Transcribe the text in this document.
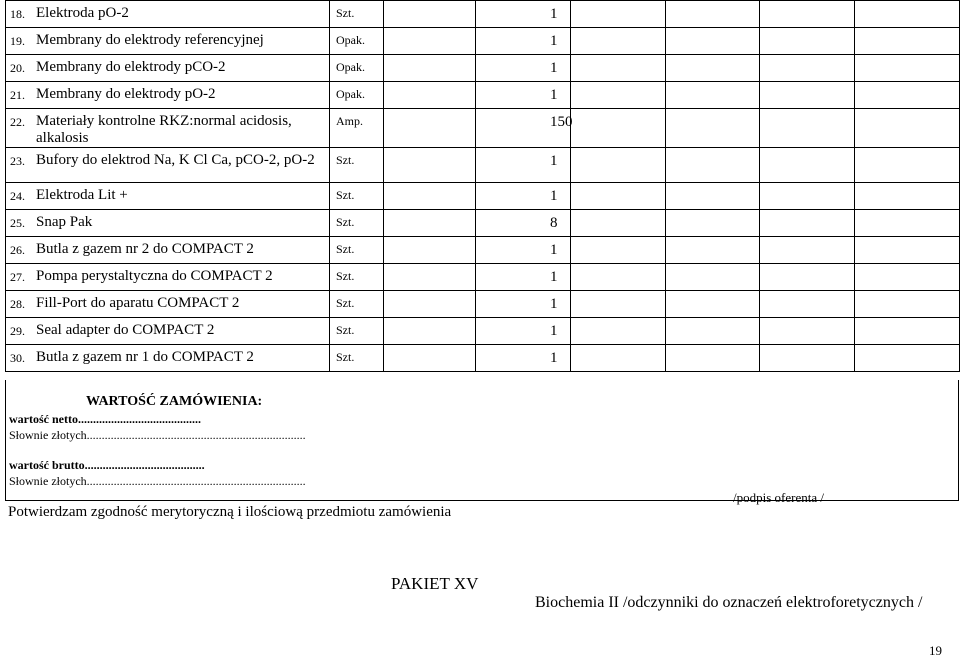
18. Elektroda pO-2	Szt.	1					

19. Membrany do elektrody referencyjnej	Opak.	1					

20. Membrany do elektrody pCO-2	Opak.	1					

21. Membrany do elektrody pO-2	Opak.	1					

22. Materiały kontrolne RKZ:normal acidosis, alkalosis	Amp.	150					

23. Bufory do elektrod Na, K Cl Ca, pCO-2, pO-2	Szt.	1					

24. Elektroda Lit +	Szt.	1					

25. Snap Pak	Szt.	8					

26. Butla z gazem nr 2 do COMPACT 2	Szt.	1					

27. Pompa perystaltyczna do COMPACT 2	Szt.	1					

28. Fill-Port do aparatu COMPACT 2	Szt.	1					

29. Seal adapter do COMPACT 2	Szt.	1					

30. Butla z gazem nr 1 do COMPACT 2	Szt.	1					

WARTOŚĆ ZAMÓWIENIA:
wartość netto.........................................
Słownie złotych.........................................................................
wartość brutto........................................
Słownie złotych.........................................................................
/podpis oferenta /
Potwierdzam zgodność merytoryczną i ilościową przedmiotu zamówienia
PAKIET XV
Biochemia II /odczynniki do oznaczeń elektroforetycznych /
19
